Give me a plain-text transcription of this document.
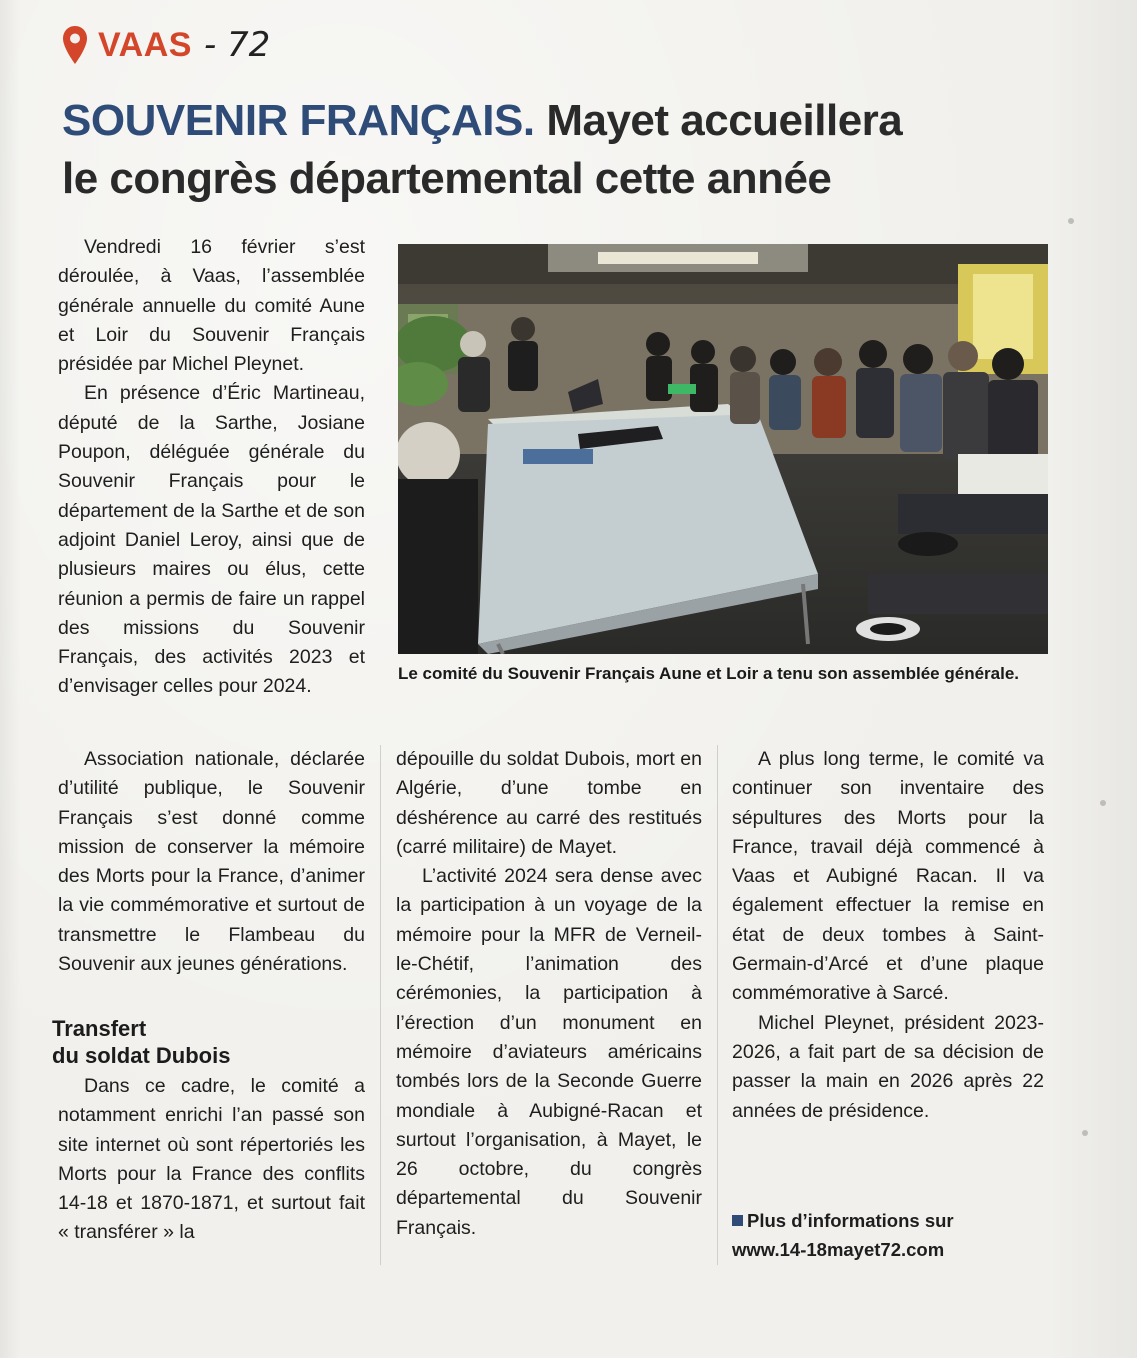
VAAS - 72
SOUVENIR FRANÇAIS. Mayet accueillera
le congrès départemental cette année
Le comité du Souvenir Français Aune et Loir a tenu son assemblée générale.

Vendredi 16 février s’est déroulée, à Vaas, l’assemblée générale annuelle du comité Aune et Loir du Souvenir Français présidée par Michel Pleynet.

En présence d’Éric Martineau, député de la Sarthe, Josiane Poupon, déléguée générale du Souvenir Français pour le département de la Sarthe et de son adjoint Daniel Leroy, ainsi que de plusieurs maires ou élus, cette réunion a permis de faire un rappel des missions du Souvenir Français, des activités 2023 et d’envisager celles pour 2024.

Association nationale, déclarée d’utilité publique, le Souvenir Français s’est donné comme mission de conserver la mémoire des Morts pour la France, d’animer la vie commémorative et surtout de transmettre le Flambeau du Souvenir aux jeunes générations.

Transfert
du soldat Dubois

Dans ce cadre, le comité a notamment enrichi l’an passé son site internet où sont répertoriés les Morts pour la France des conflits 14-18 et 1870-1871, et surtout fait « transférer » la

dépouille du soldat Dubois, mort en Algérie, d’une tombe en déshérence au carré des restitués (carré militaire) de Mayet.

L’activité 2024 sera dense avec la participation à un voyage de la mémoire pour la MFR de Verneil-le-Chétif, l’animation des cérémonies, la participation à l’érection d’un monument en mémoire d’aviateurs américains tombés lors de la Seconde Guerre mondiale à Aubigné-Racan et surtout l’organisation, à Mayet, le 26 octobre, du congrès départemental du Souvenir Français.

A plus long terme, le comité va continuer son inventaire des sépultures des Morts pour la France, travail déjà commencé à Vaas et Aubigné Racan. Il va également effectuer la remise en état de deux tombes à Saint-Germain-d’Arcé et d’une plaque commémorative à Sarcé.

Michel Pleynet, président 2023-2026, a fait part de sa décision de passer la main en 2026 après 22 années de présidence.

Plus d’informations sur
www.14-18mayet72.com
